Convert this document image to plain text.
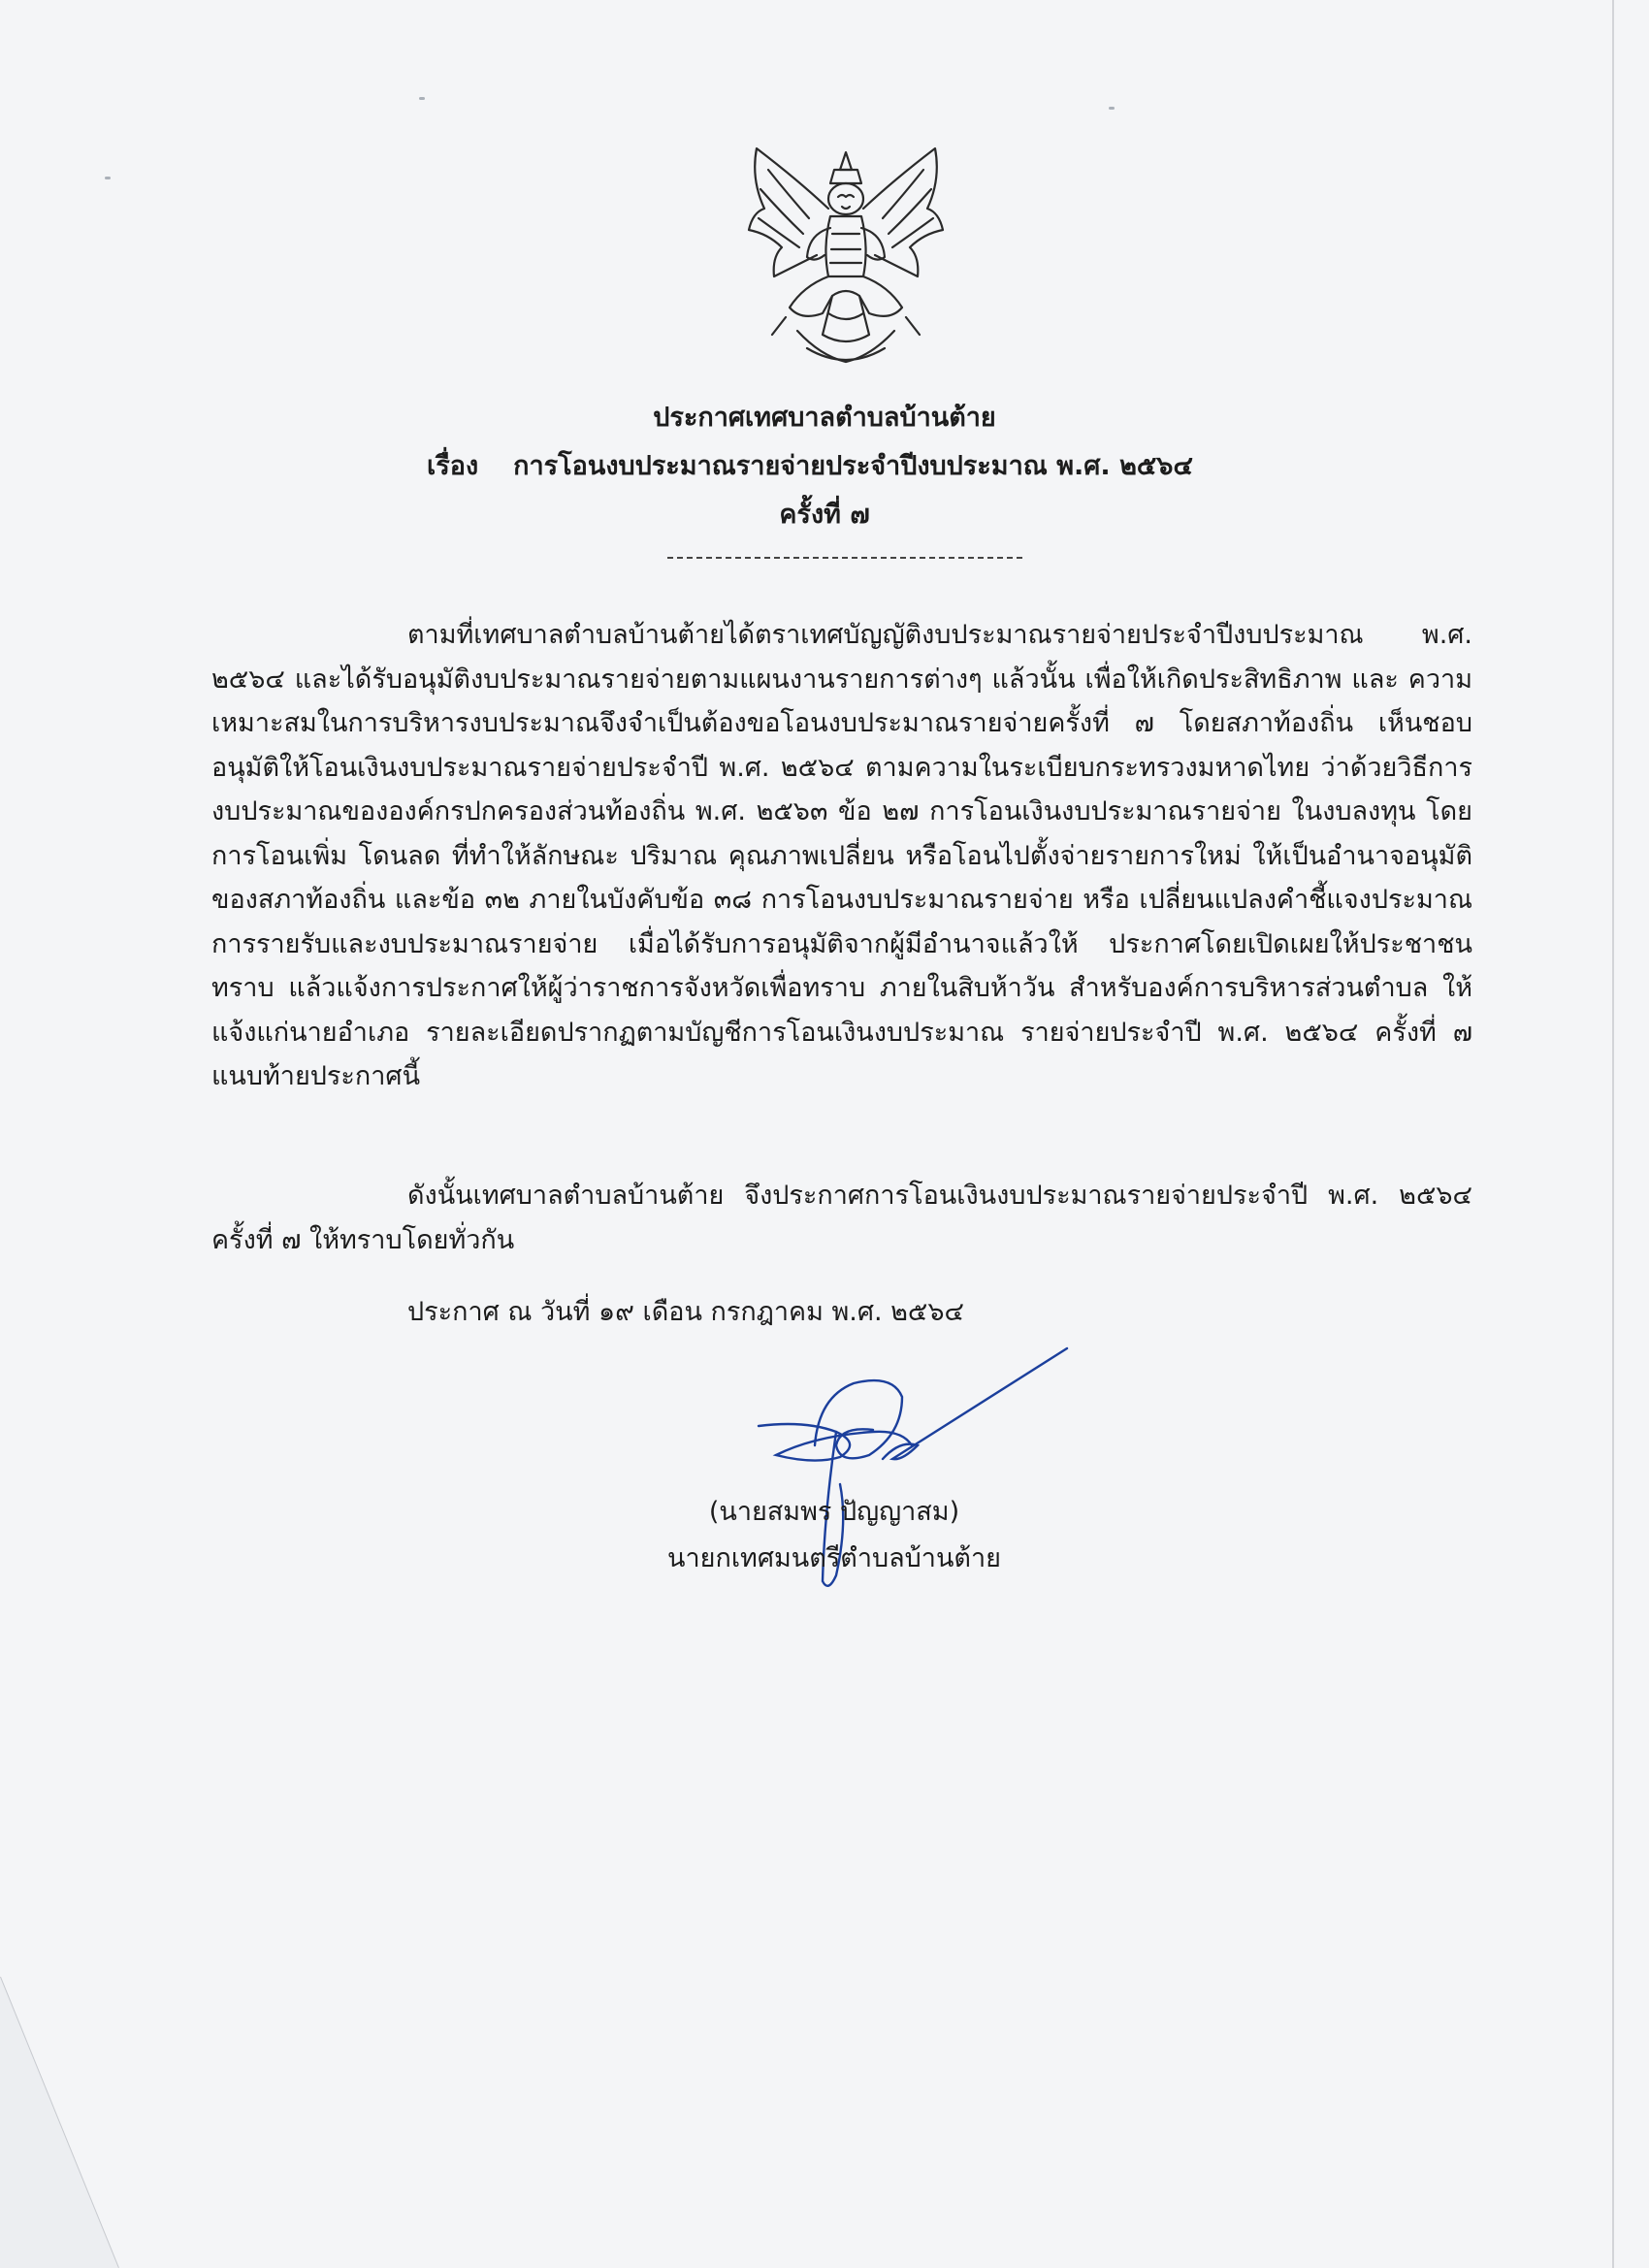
ประกาศเทศบาลตำบลบ้านต้าย
เรื่อง การโอนงบประมาณรายจ่ายประจำปีงบประมาณ พ.ศ. ๒๕๖๔
ครั้งที่ ๗
ตามที่เทศบาลตำบลบ้านต้ายได้ตราเทศบัญญัติงบประมาณรายจ่ายประจำปีงบประมาณ พ.ศ. ๒๕๖๔ และได้รับอนุมัติงบประมาณรายจ่ายตามแผนงานรายการต่างๆ แล้วนั้น เพื่อให้เกิดประสิทธิภาพ และ ความเหมาะสมในการบริหารงบประมาณจึงจำเป็นต้องขอโอนงบประมาณรายจ่ายครั้งที่ ๗ โดยสภาท้องถิ่น เห็นชอบอนุมัติให้โอนเงินงบประมาณรายจ่ายประจำปี พ.ศ. ๒๕๖๔ ตามความในระเบียบกระทรวงมหาดไทย ว่าด้วยวิธีการงบประมาณขององค์กรปกครองส่วนท้องถิ่น พ.ศ. ๒๕๖๓ ข้อ ๒๗ การโอนเงินงบประมาณรายจ่าย ในงบลงทุน โดยการโอนเพิ่ม โดนลด ที่ทำให้ลักษณะ ปริมาณ คุณภาพเปลี่ยน หรือโอนไปตั้งจ่ายรายการใหม่ ให้เป็นอำนาจอนุมัติของสภาท้องถิ่น และข้อ ๓๒ ภายในบังคับข้อ ๓๘ การโอนงบประมาณรายจ่าย หรือ เปลี่ยนแปลงคำชี้แจงประมาณการรายรับและงบประมาณรายจ่าย เมื่อได้รับการอนุมัติจากผู้มีอำนาจแล้วให้ ประกาศโดยเปิดเผยให้ประชาชนทราบ แล้วแจ้งการประกาศให้ผู้ว่าราชการจังหวัดเพื่อทราบ ภายในสิบห้าวัน สำหรับองค์การบริหารส่วนตำบล ให้แจ้งแก่นายอำเภอ รายละเอียดปรากฏตามบัญชีการโอนเงินงบประมาณ รายจ่ายประจำปี พ.ศ. ๒๕๖๔ ครั้งที่ ๗ แนบท้ายประกาศนี้
ดังนั้นเทศบาลตำบลบ้านต้าย จึงประกาศการโอนเงินงบประมาณรายจ่ายประจำปี พ.ศ. ๒๕๖๔ ครั้งที่ ๗ ให้ทราบโดยทั่วกัน
ประกาศ ณ วันที่ ๑๙ เดือน กรกฎาคม พ.ศ. ๒๕๖๔
(นายสมพร ปัญญาสม)
นายกเทศมนตรีตำบลบ้านต้าย
